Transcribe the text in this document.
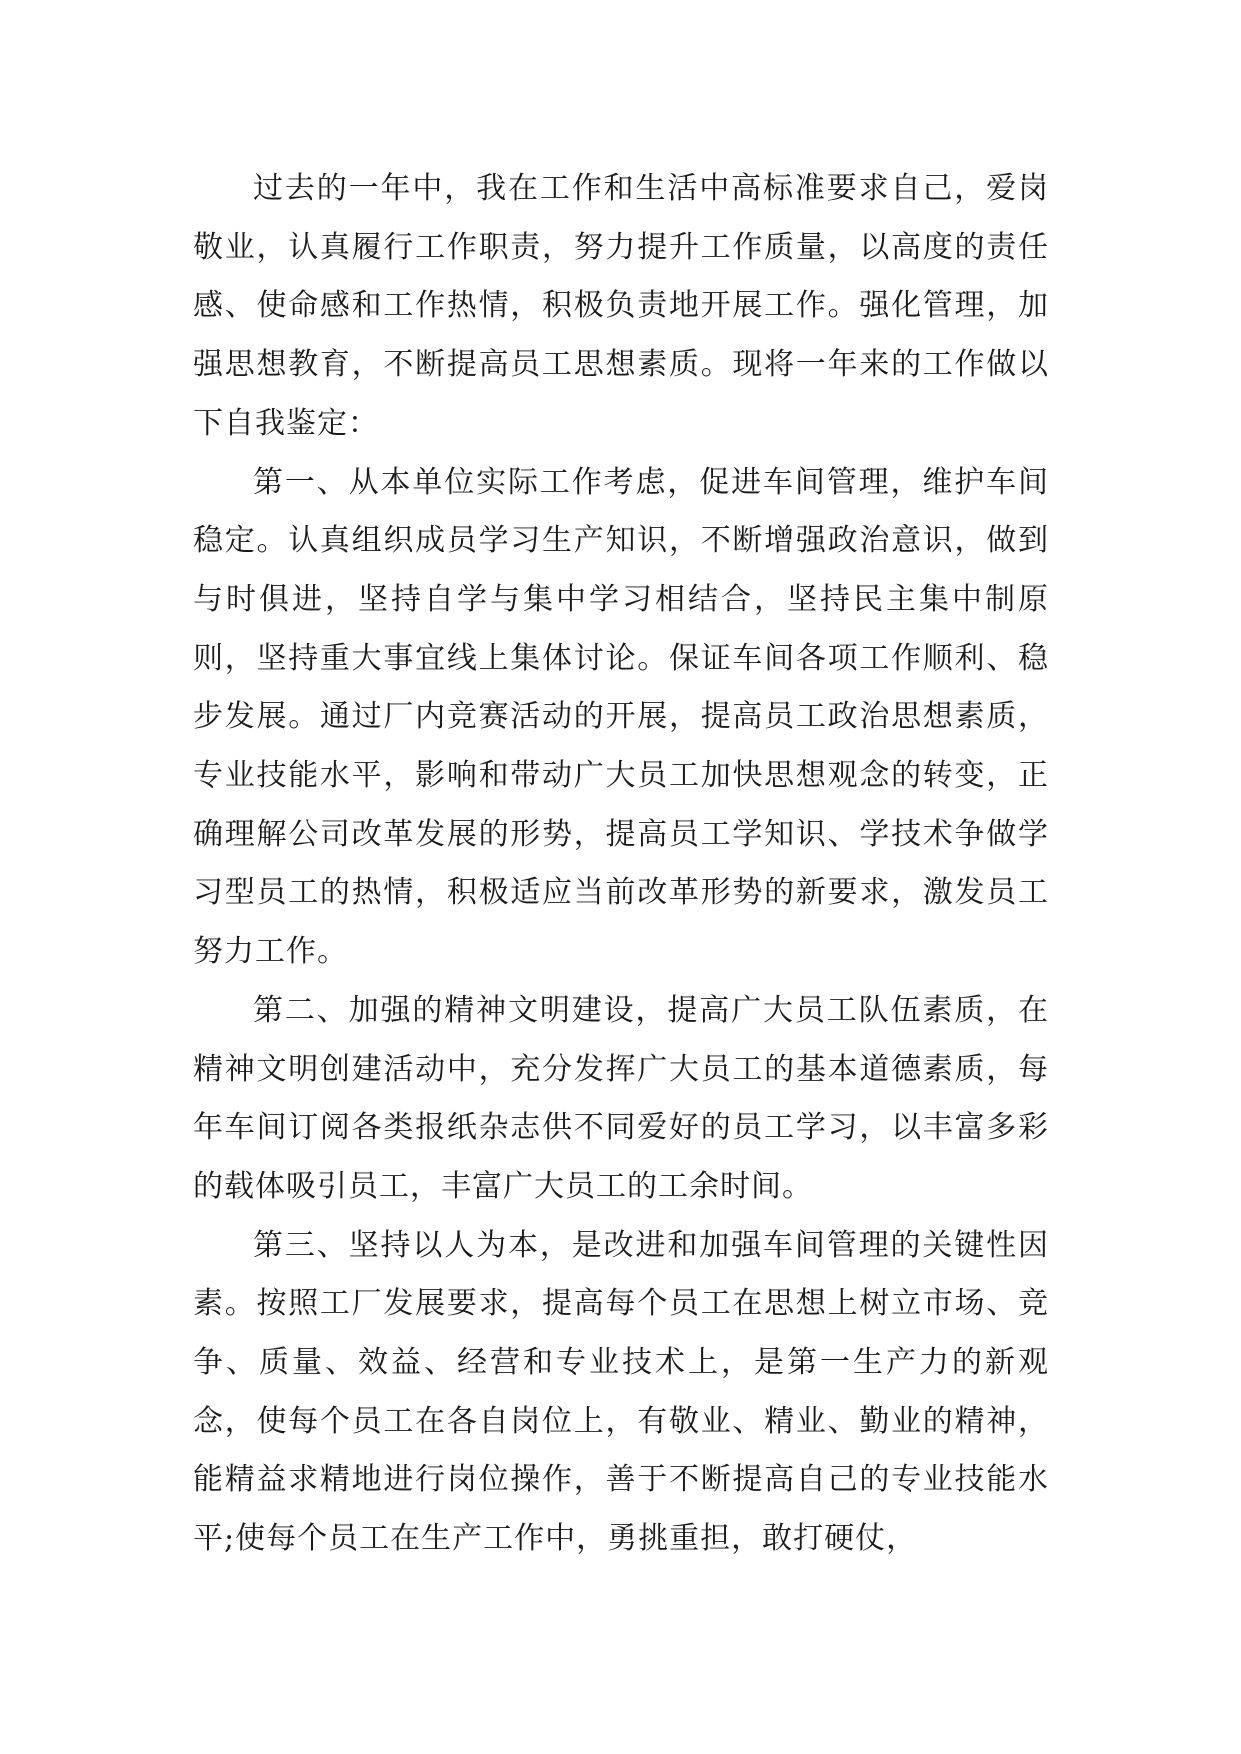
过去的一年中，我在工作和生活中高标准要求自己，爱岗敬业，认真履行工作职责，努力提升工作质量，以高度的责任感、使命感和工作热情，积极负责地开展工作。强化管理，加强思想教育，不断提高员工思想素质。现将一年来的工作做以下自我鉴定：

第一、从本单位实际工作考虑，促进车间管理，维护车间稳定。认真组织成员学习生产知识，不断增强政治意识，做到与时俱进，坚持自学与集中学习相结合，坚持民主集中制原则，坚持重大事宜线上集体讨论。保证车间各项工作顺利、稳步发展。通过厂内竞赛活动的开展，提高员工政治思想素质，专业技能水平，影响和带动广大员工加快思想观念的转变，正确理解公司改革发展的形势，提高员工学知识、学技术争做学习型员工的热情，积极适应当前改革形势的新要求，激发员工努力工作。

第二、加强的精神文明建设，提高广大员工队伍素质，在精神文明创建活动中，充分发挥广大员工的基本道德素质，每年车间订阅各类报纸杂志供不同爱好的员工学习，以丰富多彩的载体吸引员工，丰富广大员工的工余时间。

第三、坚持以人为本，是改进和加强车间管理的关键性因素。按照工厂发展要求，提高每个员工在思想上树立市场、竞争、质量、效益、经营和专业技术上，是第一生产力的新观念，使每个员工在各自岗位上，有敬业、精业、勤业的精神，能精益求精地进行岗位操作，善于不断提高自己的专业技能水平;使每个员工在生产工作中，勇挑重担，敢打硬仗，
